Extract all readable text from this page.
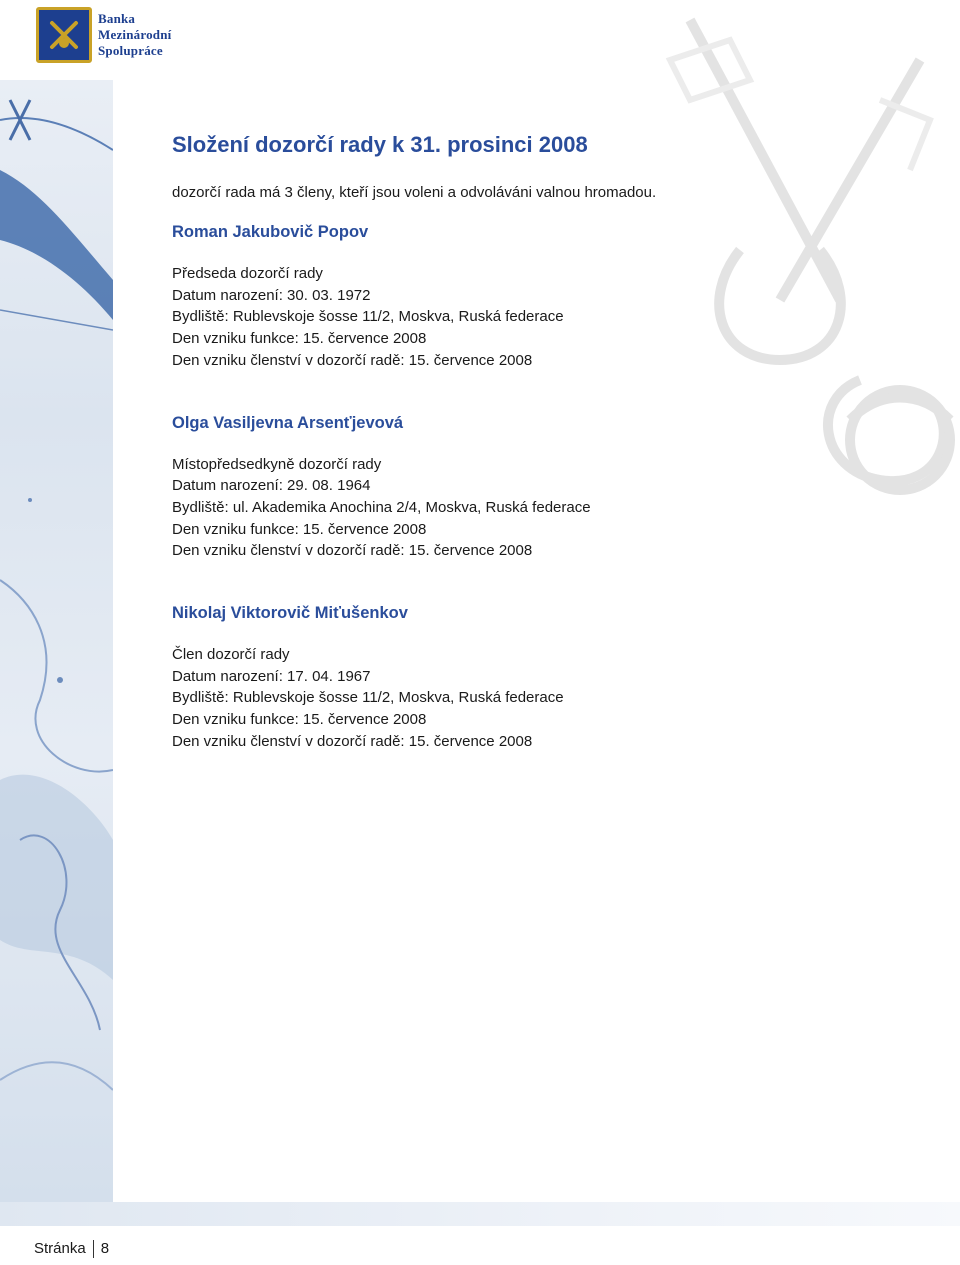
Banka
Mezinárodní
Spolupráce
Složení dozorčí rady k 31. prosinci 2008
dozorčí rada má 3 členy, kteří jsou voleni a odvoláváni valnou hromadou.
Roman Jakubovič Popov
Předseda dozorčí rady
Datum narození: 30. 03. 1972
Bydliště: Rublevskoje šosse 11/2, Moskva, Ruská federace
Den vzniku funkce: 15. července 2008
Den vzniku členství v dozorčí radě: 15. července 2008
Olga Vasiljevna Arsenťjevová
Místopředsedkyně dozorčí rady
Datum narození: 29. 08. 1964
Bydliště: ul. Akademika Anochina 2/4, Moskva, Ruská federace
Den vzniku funkce: 15. července 2008
Den vzniku členství v dozorčí radě: 15. července 2008
Nikolaj Viktorovič Miťušenkov
Člen dozorčí rady
Datum narození: 17. 04. 1967
Bydliště: Rublevskoje šosse 11/2, Moskva, Ruská federace
Den vzniku funkce: 15. července 2008
Den vzniku členství v dozorčí radě: 15. července 2008
Stránka 8
